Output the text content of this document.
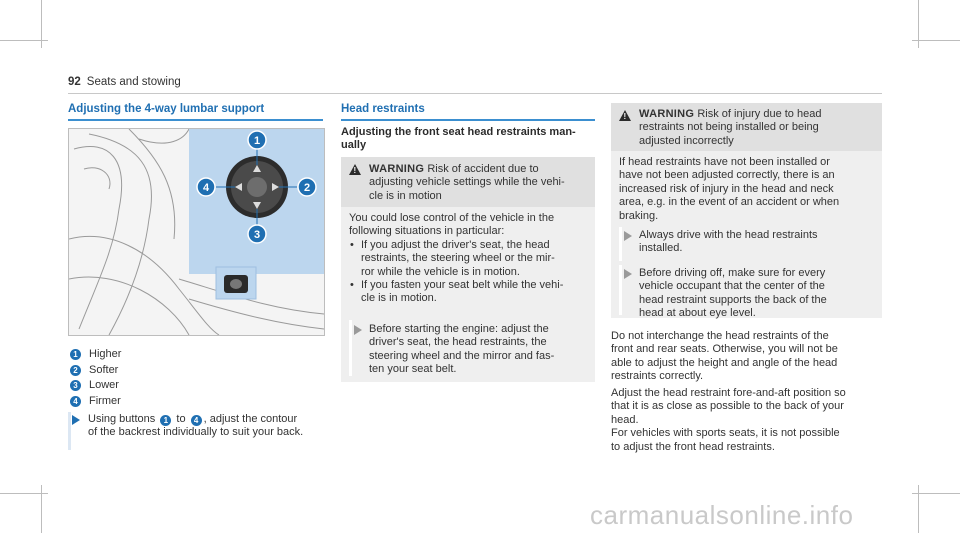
92 Seats and stowing
Adjusting the 4-way lumbar support
1
2
3
4
1 Higher
2 Softer
3 Lower
4 Firmer
Using buttons 1 to 4 , adjust the contour
of the backrest individually to suit your back.
Head restraints
Adjusting the front seat head restraints man-
ually
!
WARNING Risk of accident due to
adjusting vehicle settings while the vehi-
cle is in motion
You could lose control of the vehicle in the
following situations in particular:
• If you adjust the driver's seat, the head
restraints, the steering wheel or the mir-
ror while the vehicle is in motion.
• If you fasten your seat belt while the vehi-
cle is in motion.
Before starting the engine: adjust the
driver's seat, the head restraints, the
steering wheel and the mirror and fas-
ten your seat belt.
!
WARNING Risk of injury due to head
restraints not being installed or being
adjusted incorrectly
If head restraints have not been installed or
have not been adjusted correctly, there is an
increased risk of injury in the head and neck
area, e.g. in the event of an accident or when
braking.
Always drive with the head restraints
installed.
Before driving off, make sure for every
vehicle occupant that the center of the
head restraint supports the back of the
head at about eye level.
Do not interchange the head restraints of the
front and rear seats. Otherwise, you will not be
able to adjust the height and angle of the head
restraints correctly.
Adjust the head restraint fore-and-aft position so
that it is as close as possible to the back of your
head.
For vehicles with sports seats, it is not possible
to adjust the front head restraints.
carmanualsonline.info
